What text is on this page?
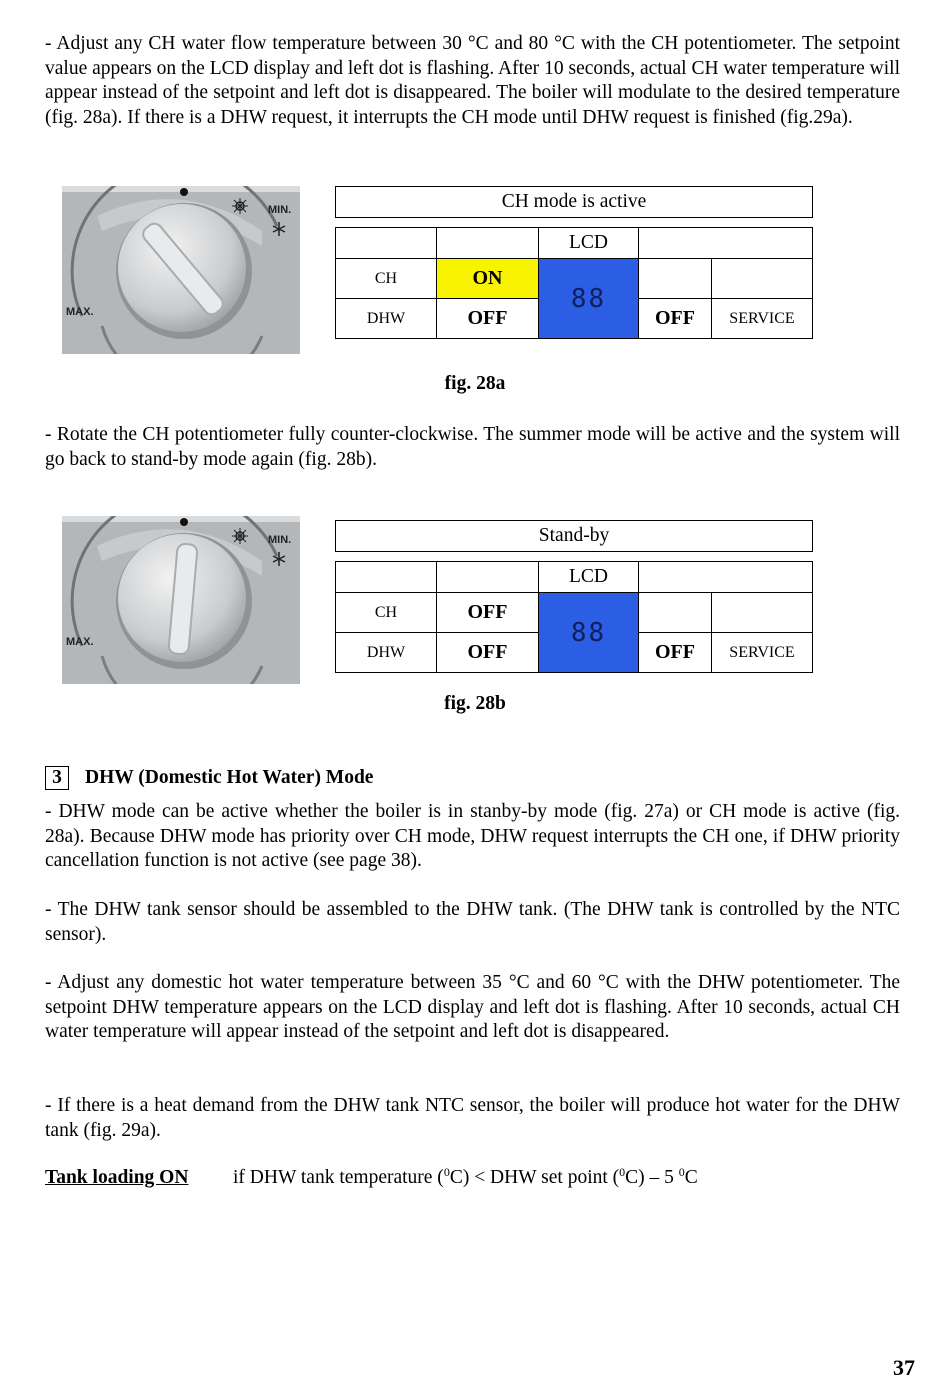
- Adjust any CH water flow temperature between 30 °C and 80 °C with the CH potentiometer. The setpoint value appears on the LCD display and left dot is flashing. After 10 seconds, actual CH water temperature will appear instead of the setpoint and left dot is disappeared. The boiler will modulate to the desired temperature (fig. 28a). If there is a DHW request, it interrupts the CH mode until DHW request is finished (fig.29a).

MIN.
MAX.
CH mode is active
		LCD		
CH	ON	88		
DHW	OFF		OFF	SERVICE
fig. 28a

- Rotate the CH potentiometer fully counter-clockwise. The summer mode will be active and the system will go back to stand-by mode again (fig. 28b).

MIN.
MAX.
Stand-by
		LCD		
CH	OFF	88		
DHW	OFF		OFF	SERVICE
fig. 28b
3 DHW (Domestic Hot Water) Mode

- DHW mode can be active whether the boiler is in stanby-by mode (fig. 27a) or CH mode is active (fig. 28a). Because DHW mode has priority over CH mode, DHW request interrupts the CH one, if DHW priority cancellation function is not active (see page 38).

- The DHW tank sensor should be assembled to the DHW tank. (The DHW tank is controlled by the NTC sensor).

- Adjust any domestic hot water temperature between 35 °C and 60 °C with the DHW potentiometer. The setpoint DHW temperature appears on the LCD display and left dot is flashing. After 10 seconds, actual CH water temperature will appear instead of the setpoint and left dot is disappeared.

- If there is a heat demand from the DHW tank NTC sensor, the boiler will produce hot water for the DHW tank (fig. 29a).

Tank loading ON if DHW tank temperature ($^0$C) < DHW set point ($^0$C) – 5 $^0$C
37
